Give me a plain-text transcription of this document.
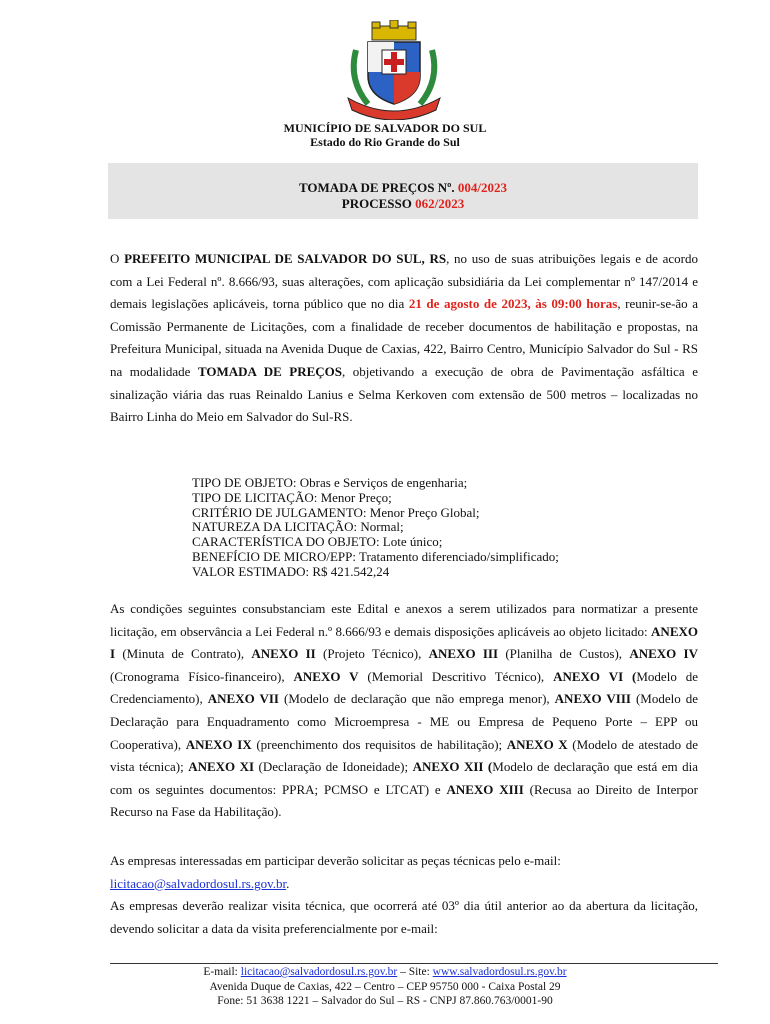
MUNICÍPIO DE SALVADOR DO SUL
Estado do Rio Grande do Sul
TOMADA DE PREÇOS Nº. 004/2023
PROCESSO 062/2023
O PREFEITO MUNICIPAL DE SALVADOR DO SUL, RS, no uso de suas atribuições legais e de acordo com a Lei Federal nº. 8.666/93, suas alterações, com aplicação subsidiária da Lei complementar nº 147/2014 e demais legislações aplicáveis, torna público que no dia 21 de agosto de 2023, às 09:00 horas, reunir-se-ão a Comissão Permanente de Licitações, com a finalidade de receber documentos de habilitação e propostas, na Prefeitura Municipal, situada na Avenida Duque de Caxias, 422, Bairro Centro, Município Salvador do Sul - RS na modalidade TOMADA DE PREÇOS, objetivando a execução de obra de Pavimentação asfáltica e sinalização viária das ruas Reinaldo Lanius e Selma Kerkoven com extensão de 500 metros – localizadas no Bairro Linha do Meio em Salvador do Sul-RS.
TIPO DE OBJETO: Obras e Serviços de engenharia;
TIPO DE LICITAÇÃO: Menor Preço;
CRITÉRIO DE JULGAMENTO: Menor Preço Global;
NATUREZA DA LICITAÇÃO: Normal;
CARACTERÍSTICA DO OBJETO: Lote único;
BENEFÍCIO DE MICRO/EPP: Tratamento diferenciado/simplificado;
VALOR ESTIMADO: R$ 421.542,24
As condições seguintes consubstanciam este Edital e anexos a serem utilizados para normatizar a presente licitação, em observância a Lei Federal n.º 8.666/93 e demais disposições aplicáveis ao objeto licitado: ANEXO I (Minuta de Contrato), ANEXO II (Projeto Técnico), ANEXO III (Planilha de Custos), ANEXO IV (Cronograma Físico-financeiro), ANEXO V (Memorial Descritivo Técnico), ANEXO VI (Modelo de Credenciamento), ANEXO VII (Modelo de declaração que não emprega menor), ANEXO VIII (Modelo de Declaração para Enquadramento como Microempresa - ME ou Empresa de Pequeno Porte – EPP ou Cooperativa), ANEXO IX (preenchimento dos requisitos de habilitação); ANEXO X (Modelo de atestado de vista técnica); ANEXO XI (Declaração de Idoneidade); ANEXO XII (Modelo de declaração que está em dia com os seguintes documentos: PPRA; PCMSO e LTCAT) e ANEXO XIII (Recusa ao Direito de Interpor Recurso na Fase da Habilitação).
As empresas interessadas em participar deverão solicitar as peças técnicas pelo e-mail:
licitacao@salvadordosul.rs.gov.br.
As empresas deverão realizar visita técnica, que ocorrerá até 03º dia útil anterior ao da abertura da licitação, devendo solicitar a data da visita preferencialmente por e-mail:
E-mail: licitacao@salvadordosul.rs.gov.br – Site: www.salvadordosul.rs.gov.br
Avenida Duque de Caxias, 422 – Centro – CEP 95750 000 - Caixa Postal 29
Fone: 51 3638 1221 – Salvador do Sul – RS - CNPJ 87.860.763/0001-90
